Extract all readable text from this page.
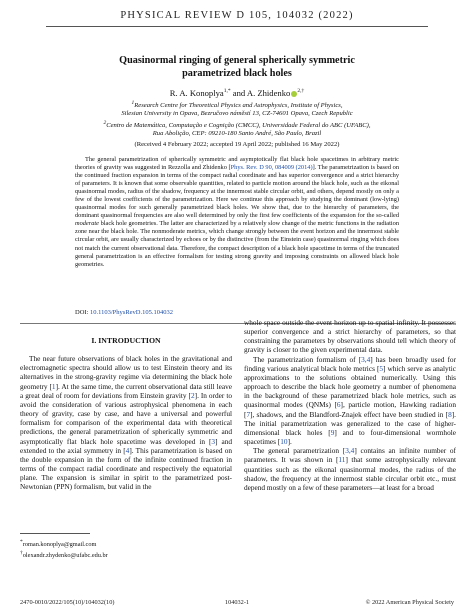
PHYSICAL REVIEW D 105, 104032 (2022)
Quasinormal ringing of general spherically symmetric
parametrized black holes
R. A. Konoplya$^{1,*}$ and A. Zhidenko $^{2,\dagger}$
$^1$Research Centre for Theoretical Physics and Astrophysics, Institute of Physics,
Silesian University in Opava, Bezručovo náměstí 13, CZ-74601 Opava, Czech Republic
$^2$Centro de Matemática, Computação e Cognição (CMCC), Universidade Federal do ABC (UFABC),
Rua Abolição, CEP: 09210-180 Santo André, São Paulo, Brazil
(Received 4 February 2022; accepted 19 April 2022; published 16 May 2022)

The general parametrization of spherically symmetric and asymptotically flat black hole spacetimes in arbitrary metric theories of gravity was suggested in Rezzolla and Zhidenko [Phys. Rev. D 90, 084009 (2014)]. The parametrization is based on the continued fraction expansion in terms of the compact radial coordinate and has superior convergence and a strict hierarchy of parameters. It is known that some observable quantities, related to particle motion around the black hole, such as the eikonal quasinormal modes, radius of the shadow, frequency at the innermost stable circular orbit, and others, depend mostly on only a few of the lowest coefficients of the parametrization. Here we continue this approach by studying the dominant (low-lying) quasinormal modes for such generally parametrized black holes. We show that, due to the hierarchy of parameters, the dominant quasinormal frequencies are also well determined by only the first few coefficients of the expansion for the so-called moderate black hole geometries. The latter are characterized by a relatively slow change of the metric functions in the radiation zone near the black hole. The nonmoderate metrics, which change strongly between the event horizon and the innermost stable circular orbit, are usually characterized by echoes or by the distinctive (from the Einstein case) quasinormal ringing which does not match the current observational data. Therefore, the compact description of a black hole spacetime in terms of the truncated general parametrization is an effective formalism for testing strong gravity and imposing constraints on allowed black hole geometries.

DOI: 10.1103/PhysRevD.105.104032
I. INTRODUCTION

The near future observations of black holes in the gravitational and electromagnetic spectra should allow us to test Einstein theory and its alternatives in the strong-gravity regime via determining the black hole geometry [1]. At the same time, the current observational data still leave a great deal of room for deviations from Einstein gravity [2]. In order to avoid the consideration of various astrophysical phenomena in each theory of gravity, case by case, and have a universal and powerful formalism for comparison of the experimental data with theoretical predictions, the general parametrization of spherically symmetric and asymptotically flat black hole spacetime was developed in [3] and extended to the axial symmetry in [4]. This parametrization is based on the double expansion in the form of the infinite continued fraction in terms of the compact radial coordinate and respectively the equatorial plane. The expansion is similar in spirit to the parametrized post-Newtonian (PPN) formalism, but valid in the

whole space outside the event horizon up to spatial infinity. It possesses superior convergence and a strict hierarchy of parameters, so that constraining the parameters by observations should tell which theory of gravity is closer to the given experimental data.

The parametrization formalism of [3,4] has been broadly used for finding various analytical black hole metrics [5] which serve as analytic approximations to the solutions obtained numerically. Using this approach to describe the black hole geometry a number of phenomena in the background of these parametrized black hole metrics, such as quasinormal modes (QNMs) [6], particle motion, Hawking radiation [7], shadows, and the Blandford-Znajek effect have been studied in [8]. The initial parametrization was generalized to the case of higher-dimensional black holes [9] and to four-dimensional wormhole spacetimes [10].

The general parametrization [3,4] contains an infinite number of parameters. It was shown in [11] that some astrophysically relevant quantities such as the eikonal quasinormal modes, the radius of the shadow, the frequency at the innermost stable circular orbit etc., must depend mostly on a few of these parameters—at least for a broad

*roman.konoplya@gmail.com
†olexandr.zhydenko@ufabc.edu.br
2470-0010/2022/105(10)/104032(10)	104032-1	© 2022 American Physical Society
